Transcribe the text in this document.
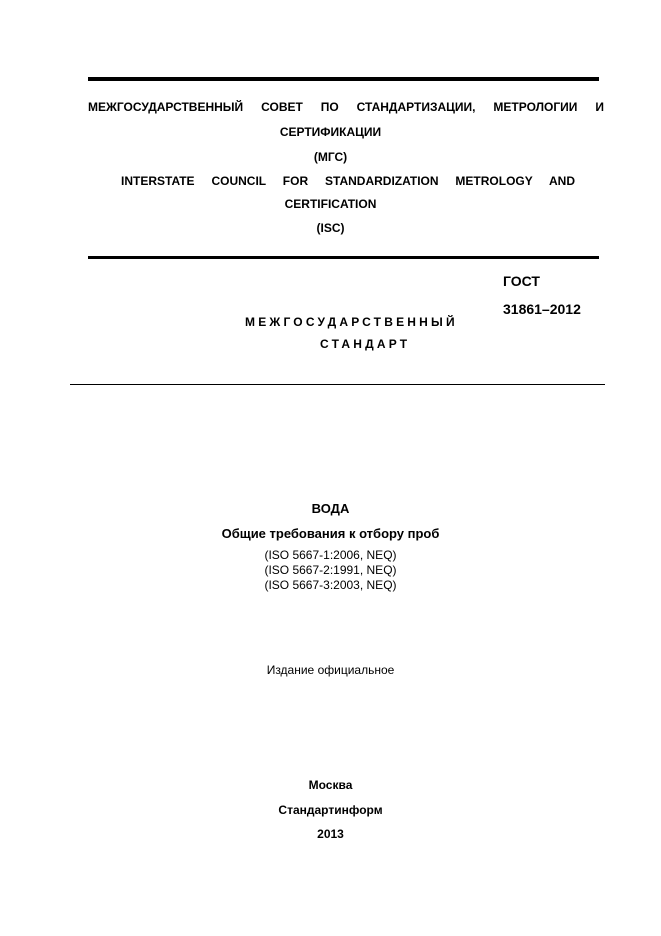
МЕЖГОСУДАРСТВЕННЫЙ СОВЕТ ПО СТАНДАРТИЗАЦИИ, МЕТРОЛОГИИ И
СЕРТИФИКАЦИИ
(МГС)
INTERSTATE COUNCIL FOR STANDARDIZATION METROLOGY AND
CERTIFICATION
(ISC)
ГОСТ
31861–2012
МЕЖГОСУДАРСТВЕННЫЙ
СТАНДАРТ
ВОДА
Общие требования к отбору проб
(ISO 5667-1:2006, NEQ)
(ISO 5667-2:1991, NEQ)
(ISO 5667-3:2003, NEQ)
Издание официальное
Москва
Стандартинформ
2013
